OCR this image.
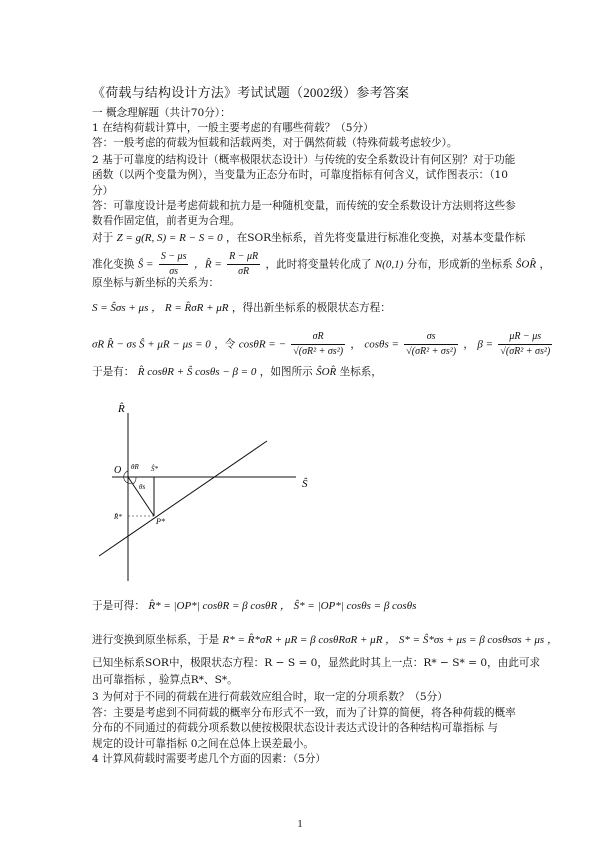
《荷载与结构设计方法》考试试题（2002级）参考答案
一 概念理解题（共计70分）：
1 在结构荷载计算中，一般主要考虑的有哪些荷载？（5分）
答：一般考虑的荷载为恒载和活载两类，对于偶然荷载（特殊荷载考虑较少）。
2 基于可靠度的结构设计（概率极限状态设计）与传统的安全系数设计有何区别？对于功能
函数（以两个变量为例），当变量为正态分布时，可靠度指标有何含义，试作图表示：（10
分）
答：可靠度设计是考虑荷载和抗力是一种随机变量，而传统的安全系数设计方法则将这些参
数看作固定值，前者更为合理。
对于 Z = g(R, S) = R − S = 0 ，在SOR坐标系，首先将变量进行标准化变换，对基本变量作标
准化变换 Ŝ = $\frac{S - \mu s}{\sigma s}$ ，R̂ = $\frac{R - \mu R}{\sigma R}$ ，此时将变量转化成了 N(0,1) 分布，形成新的坐标系 ŜOR̂ ，
原坐标与新坐标的关系为：
S = Ŝσs + μs ， R = R̂σR + μR ，得出新坐标系的极限状态方程：
σR R̂ − σs Ŝ + μR − μs = 0 ，令 cosθR = − $\frac{\sigma R}{\text{√(σR² + σs²)}}$ ， $\cos\theta s = \frac{\sigma s}{\text{√(σR² + σs²)}}$ ， $\beta = \frac{\mu R - \mu s}{\text{√(σR² + σs²)}}$
于是有： R̂ cosθR + Ŝ cosθs − β = 0 ，如图所示 ŜOR̂ 坐标系，
R̂
Ŝ
O θR
θs
Ŝ*
R̂*	P*
于是可得： R̂* = |OP*| cosθR = β cosθR ， Ŝ* = |OP*| cosθs = β cosθs
进行变换到原坐标系，于是 R* = R̂*σR + μR = β cosθRσR + μR ， S* = Ŝ*σs + μs = β cosθsσs + μs ，
已知坐标系SOR中，极限状态方程：R − S = 0，显然此时其上一点：R* − S* = 0，由此可求
出可靠指标 ，验算点R*、S*。
3 为何对于不同的荷载在进行荷载效应组合时，取一定的分项系数？（5分）
答：主要是考虑到不同荷载的概率分布形式不一致，而为了计算的简便，将各种荷载的概率
分布的不同通过的荷载分项系数以使按极限状态设计表达式设计的各种结构可靠指标 与
规定的设计可靠指标 0之间在总体上误差最小。
4 计算风荷载时需要考虑几个方面的因素：（5分）
1
